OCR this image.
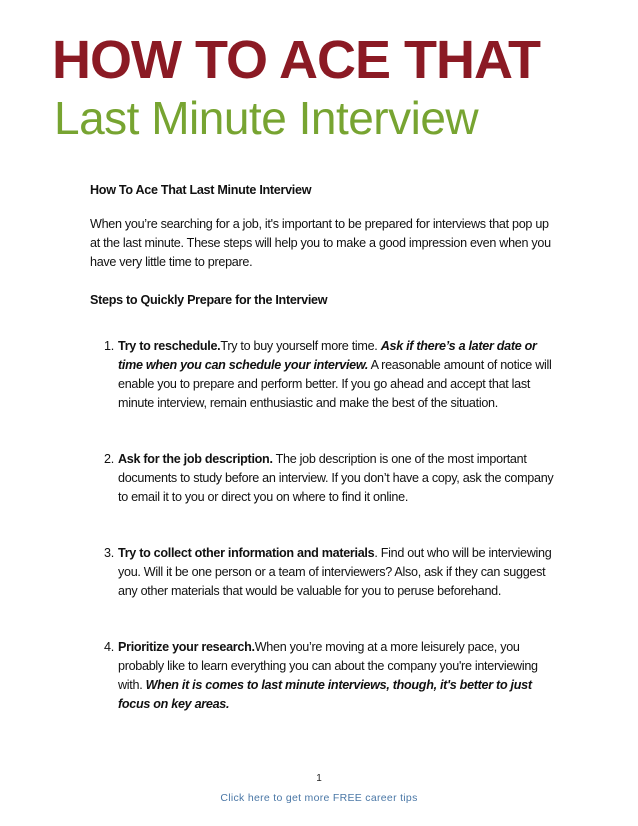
HOW TO ACE THAT
Last Minute Interview

How To Ace That Last Minute Interview

When you’re searching for a job, it's important to be prepared for interviews that pop up at the last minute. These steps will help you to make a good impression even when you have very little time to prepare.

Steps to Quickly Prepare for the Interview

1. Try to reschedule.Try to buy yourself more time. Ask if there’s a later date or time when you can schedule your interview. A reasonable amount of notice will enable you to prepare and perform better. If you go ahead and accept that last minute interview, remain enthusiastic and make the best of the situation.
2. Ask for the job description. The job description is one of the most important documents to study before an interview. If you don’t have a copy, ask the company to email it to you or direct you on where to find it online.
3. Try to collect other information and materials. Find out who will be interviewing you. Will it be one person or a team of interviewers? Also, ask if they can suggest any other materials that would be valuable for you to peruse beforehand.
4. Prioritize your research.When you’re moving at a more leisurely pace, you probably like to learn everything you can about the company you're interviewing with. When it is comes to last minute interviews, though, it's better to just focus on key areas.
1
Click here to get more FREE career tips
